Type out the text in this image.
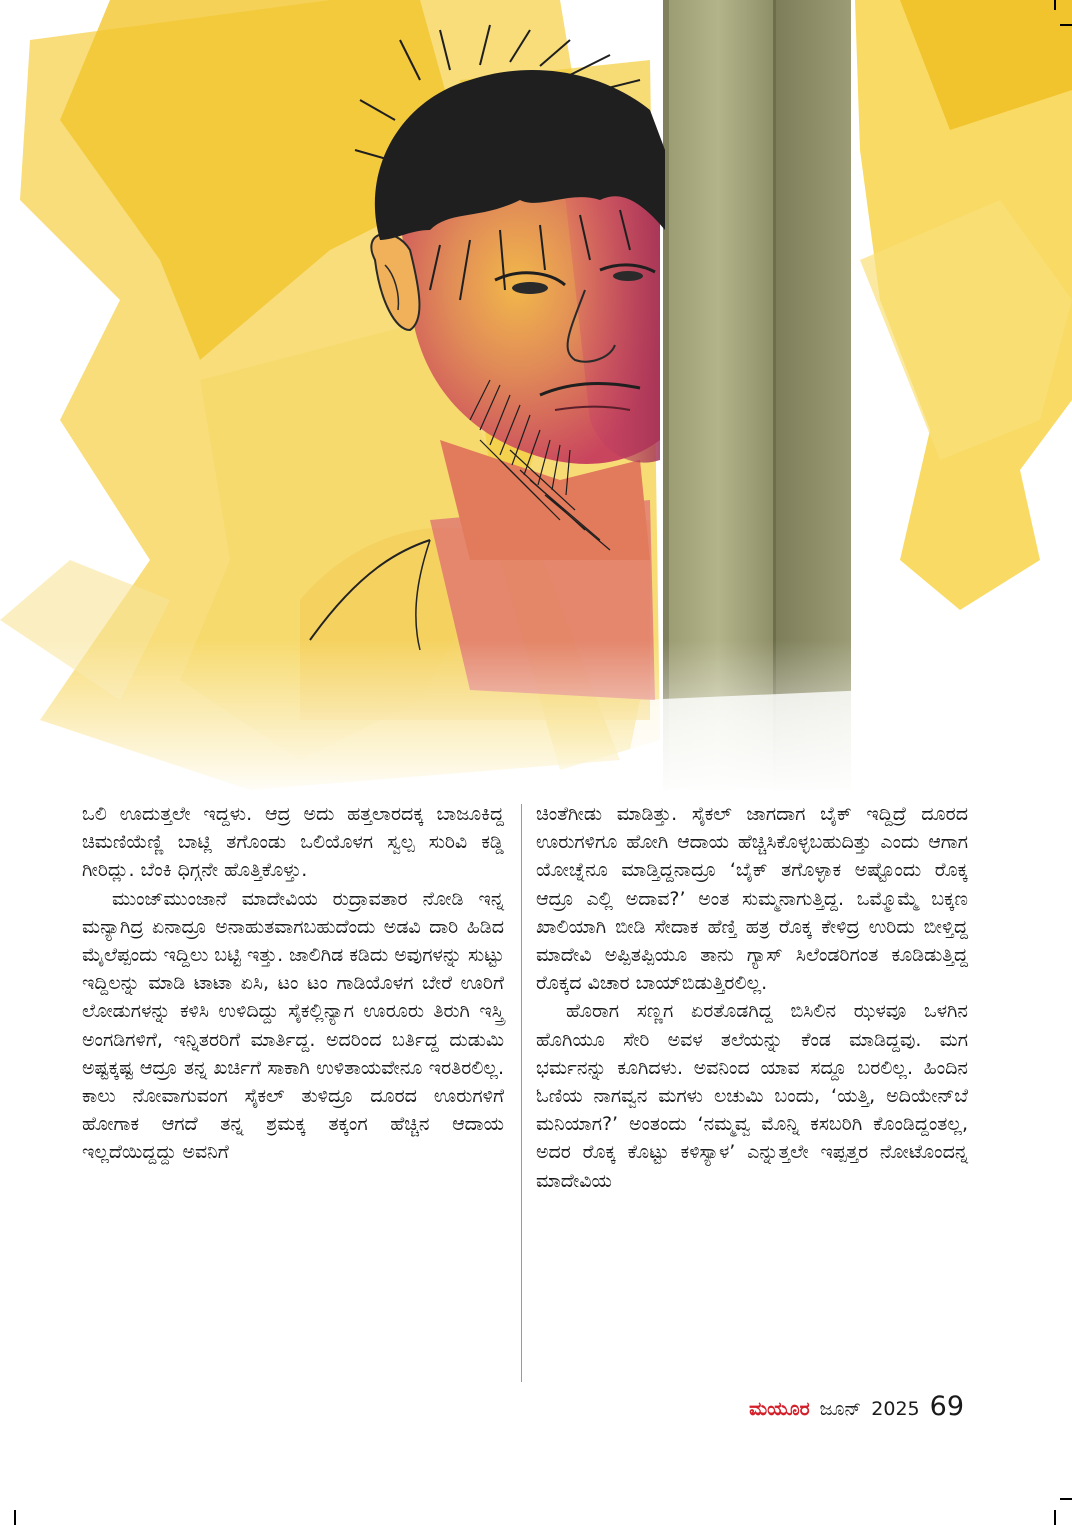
ಒಲಿ ಊದುತ್ತಲೇ ಇದ್ದಳು. ಆದ್ರ ಅದು ಹತ್ತಲಾರದಕ್ಕ ಬಾಜೂಕಿದ್ದ ಚಿಮಣಿಯೆಣ್ಣಿ ಬಾಟ್ಲಿ ತಗೊಂಡು ಒಲಿಯೊಳಗ ಸ್ವಲ್ಪ ಸುರಿವಿ ಕಡ್ಡಿ ಗೀರಿದ್ಲು. ಬೆಂಕಿ ಧಿಗ್ಗನೇ ಹೊತ್ತಿಕೊಳ್ತು.

ಮುಂಜ್‌ಮುಂಜಾನೆ ಮಾದೇವಿಯ ರುದ್ರಾವತಾರ ನೋಡಿ ಇನ್ನ ಮನ್ಯಾಗಿದ್ರ ಏನಾದ್ರೂ ಅನಾಹುತವಾಗಬಹುದೆಂದು ಅಡವಿ ದಾರಿ ಹಿಡಿದ ಮೈಲೆಪ್ಪಂದು ಇದ್ದಿಲು ಬಟ್ಟಿ ಇತ್ತು. ಜಾಲಿಗಿಡ ಕಡಿದು ಅವುಗಳನ್ನು ಸುಟ್ಟು ಇದ್ದಿಲನ್ನು ಮಾಡಿ ಟಾಟಾ ಏಸಿ, ಟಂ ಟಂ ಗಾಡಿಯೊಳಗ ಬೇರೆ ಊರಿಗೆ ಲೋಡುಗಳನ್ನು ಕಳಿಸಿ ಉಳಿದಿದ್ದು ಸೈಕಲ್ಲಿನ್ಯಾಗ ಊರೂರು ತಿರುಗಿ ಇಸ್ತ್ರಿ ಅಂಗಡಿಗಳಿಗೆ, ಇನ್ನಿತರರಿಗೆ ಮಾರ್ತಿದ್ದ. ಅದರಿಂದ ಬರ್ತಿದ್ದ ದುಡುಮಿ ಅಷ್ಟಕ್ಕಷ್ಟ ಆದ್ರೂ ತನ್ನ ಖರ್ಚಿಗೆ ಸಾಕಾಗಿ ಉಳಿತಾಯವೇನೂ ಇರತಿರಲಿಲ್ಲ. ಕಾಲು ನೋವಾಗುವಂಗ ಸೈಕಲ್ ತುಳಿದ್ರೂ ದೂರದ ಊರುಗಳಿಗೆ ಹೋಗಾಕ ಆಗದೆ ತನ್ನ ಶ್ರಮಕ್ಕ ತಕ್ಕಂಗ ಹೆಚ್ಚಿನ ಆದಾಯ ಇಲ್ಲದೆಯಿದ್ದದ್ದು ಅವನಿಗೆ

ಚಿಂತೆಗೀಡು ಮಾಡಿತ್ತು. ಸೈಕಲ್ ಜಾಗದಾಗ ಬೈಕ್ ಇದ್ದಿದ್ರೆ ದೂರದ ಊರುಗಳಿಗೂ ಹೋಗಿ ಆದಾಯ ಹೆಚ್ಚಿಸಿಕೊಳ್ಳಬಹುದಿತ್ತು ಎಂದು ಆಗಾಗ ಯೋಚ್ನೆನೂ ಮಾಡ್ತಿದ್ದನಾದ್ರೂ ‘ಬೈಕ್ ತಗೊಳ್ಳಾಕ ಅಷ್ಟೊಂದು ರೊಕ್ಕ ಆದ್ರೂ ಎಲ್ಲಿ ಅದಾವ?’ ಅಂತ ಸುಮ್ಮನಾಗುತ್ತಿದ್ದ. ಒಮ್ಮೊಮ್ಮೆ ಬಕ್ಕಣ ಖಾಲಿಯಾಗಿ ಬೀಡಿ ಸೇದಾಕ ಹೆಣ್ತಿ ಹತ್ರ ರೊಕ್ಕ ಕೇಳಿದ್ರ ಉರಿದು ಬೀಳ್ತಿದ್ದ ಮಾದೇವಿ ಅಪ್ಪಿತಪ್ಪಿಯೂ ತಾನು ಗ್ಯಾಸ್ ಸಿಲೆಂಡರಿಗಂತ ಕೂಡಿಡುತ್ತಿದ್ದ ರೊಕ್ಕದ ವಿಚಾರ ಬಾಯ್‌ಬಿಡುತ್ತಿರಲಿಲ್ಲ.

ಹೊರಾಗ ಸಣ್ಣಗ ಏರತೊಡಗಿದ್ದ ಬಿಸಿಲಿನ ಝಳವೂ ಒಳಗಿನ ಹೊಗಿಯೂ ಸೇರಿ ಅವಳ ತಲೆಯನ್ನು ಕೆಂಡ ಮಾಡಿದ್ದವು. ಮಗ ಭರ್ಮನನ್ನು ಕೂಗಿದಳು. ಅವನಿಂದ ಯಾವ ಸದ್ದೂ ಬರಲಿಲ್ಲ. ಹಿಂದಿನ ಓಣಿಯ ನಾಗವ್ವನ ಮಗಳು ಲಚುಮಿ ಬಂದು, ‘ಯತ್ತಿ, ಅದಿಯೇನ್‌ಬೆ ಮನಿಯಾಗ?’ ಅಂತಂದು ‘ನಮ್ಮವ್ವ ಮೊನ್ನಿ ಕಸಬರಿಗಿ ಕೊಂಡಿದ್ದಂತಲ್ಲ, ಅದರ ರೊಕ್ಕ ಕೊಟ್ಟು ಕಳಿಸ್ಯಾಳ’ ಎನ್ನುತ್ತಲೇ ಇಪ್ಪತ್ತರ ನೋಟೊಂದನ್ನ ಮಾದೇವಿಯ

ಮಯೂರ ಜೂನ್ 2025 69
